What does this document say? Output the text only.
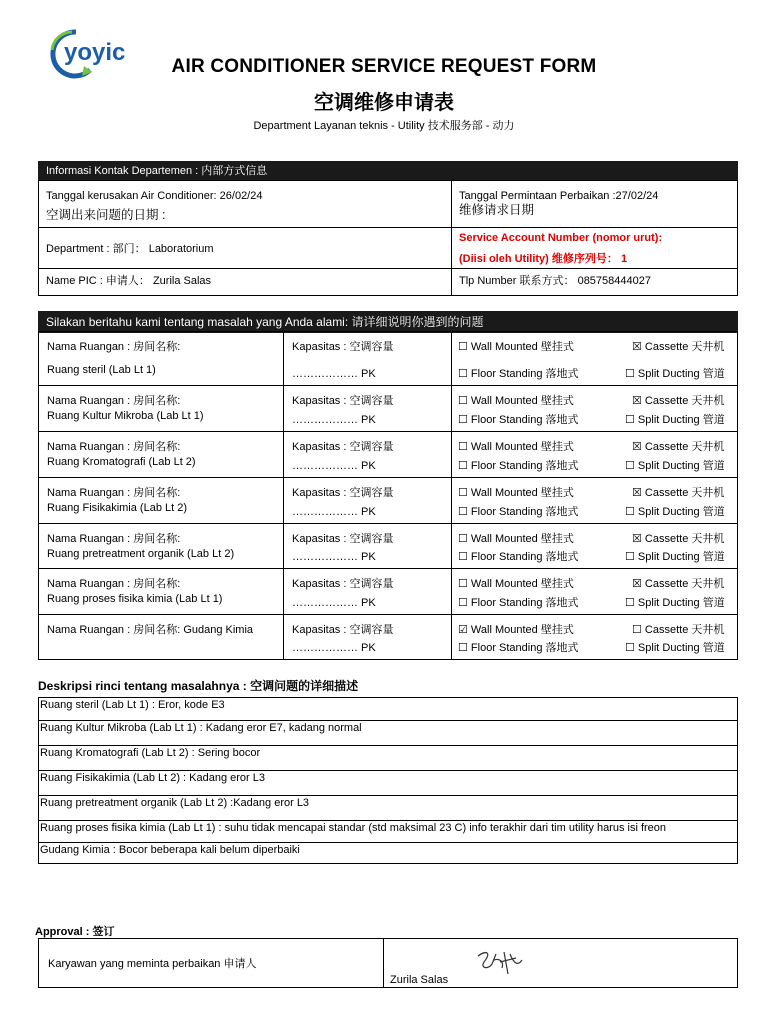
yoyic
AIR CONDITIONER SERVICE REQUEST FORM
空调维修申请表
Department Layanan teknis - Utility 技术服务部 - 动力
Informasi Kontak Departemen : 内部方式信息
Tanggal kerusakan Air Conditioner: 26/02/24
空调出来问题的日期 :
Tanggal Permintaan Perbaikan :27/02/24
维修请求日期
Department : 部门： Laboratorium
Service Account Number (nomor urut):
(Diisi oleh Utility) 维修序列号： 1
Name PIC : 申请人： Zurila Salas	Tlp Number 联系方式： 085758444027
Silakan beritahu kami tentang masalah yang Anda alami: 请详细说明你遇到的问题
Nama Ruangan : 房间名称:
Ruang steril (Lab Lt 1)
Kapasitas : 空调容量
……………… PK
☐ Wall Mounted 壁挂式
☐ Floor Standing 落地式
☒ Cassette 天井机
☐ Split Ducting 管道
Nama Ruangan : 房间名称:
Ruang Kultur Mikroba (Lab Lt 1)
Kapasitas : 空调容量
……………… PK
☐ Wall Mounted 壁挂式
☐ Floor Standing 落地式
☒ Cassette 天井机
☐ Split Ducting 管道
Nama Ruangan : 房间名称:
Ruang Kromatografi (Lab Lt 2)
Kapasitas : 空调容量
……………… PK
☐ Wall Mounted 壁挂式
☐ Floor Standing 落地式
☒ Cassette 天井机
☐ Split Ducting 管道
Nama Ruangan : 房间名称:
Ruang Fisikakimia (Lab Lt 2)
Kapasitas : 空调容量
……………… PK
☐ Wall Mounted 壁挂式
☐ Floor Standing 落地式
☒ Cassette 天井机
☐ Split Ducting 管道
Nama Ruangan : 房间名称:
Ruang pretreatment organik (Lab Lt 2)
Kapasitas : 空调容量
……………… PK
☐ Wall Mounted 壁挂式
☐ Floor Standing 落地式
☒ Cassette 天井机
☐ Split Ducting 管道
Nama Ruangan : 房间名称:
Ruang proses fisika kimia (Lab Lt 1)
Kapasitas : 空调容量
……………… PK
☐ Wall Mounted 壁挂式
☐ Floor Standing 落地式
☒ Cassette 天井机
☐ Split Ducting 管道
Nama Ruangan : 房间名称: Gudang Kimia	Kapasitas : 空调容量
……………… PK
☑ Wall Mounted 壁挂式
☐ Floor Standing 落地式
☐ Cassette 天井机
☐ Split Ducting 管道
Deskripsi rinci tentang masalahnya : 空调问题的详细描述
Ruang steril (Lab Lt 1) : Eror, kode E3
Ruang Kultur Mikroba (Lab Lt 1) : Kadang eror E7, kadang normal
Ruang Kromatografi (Lab Lt 2) : Sering bocor
Ruang Fisikakimia (Lab Lt 2) : Kadang eror L3
Ruang pretreatment organik (Lab Lt 2) :Kadang eror L3
Ruang proses fisika kimia (Lab Lt 1) : suhu tidak mencapai standar (std maksimal 23 C) info terakhir dari tim utility harus isi freon
Gudang Kimia : Bocor beberapa kali belum diperbaiki
Approval : 签订
Karyawan yang meminta perbaikan 申请人
Zurila Salas
